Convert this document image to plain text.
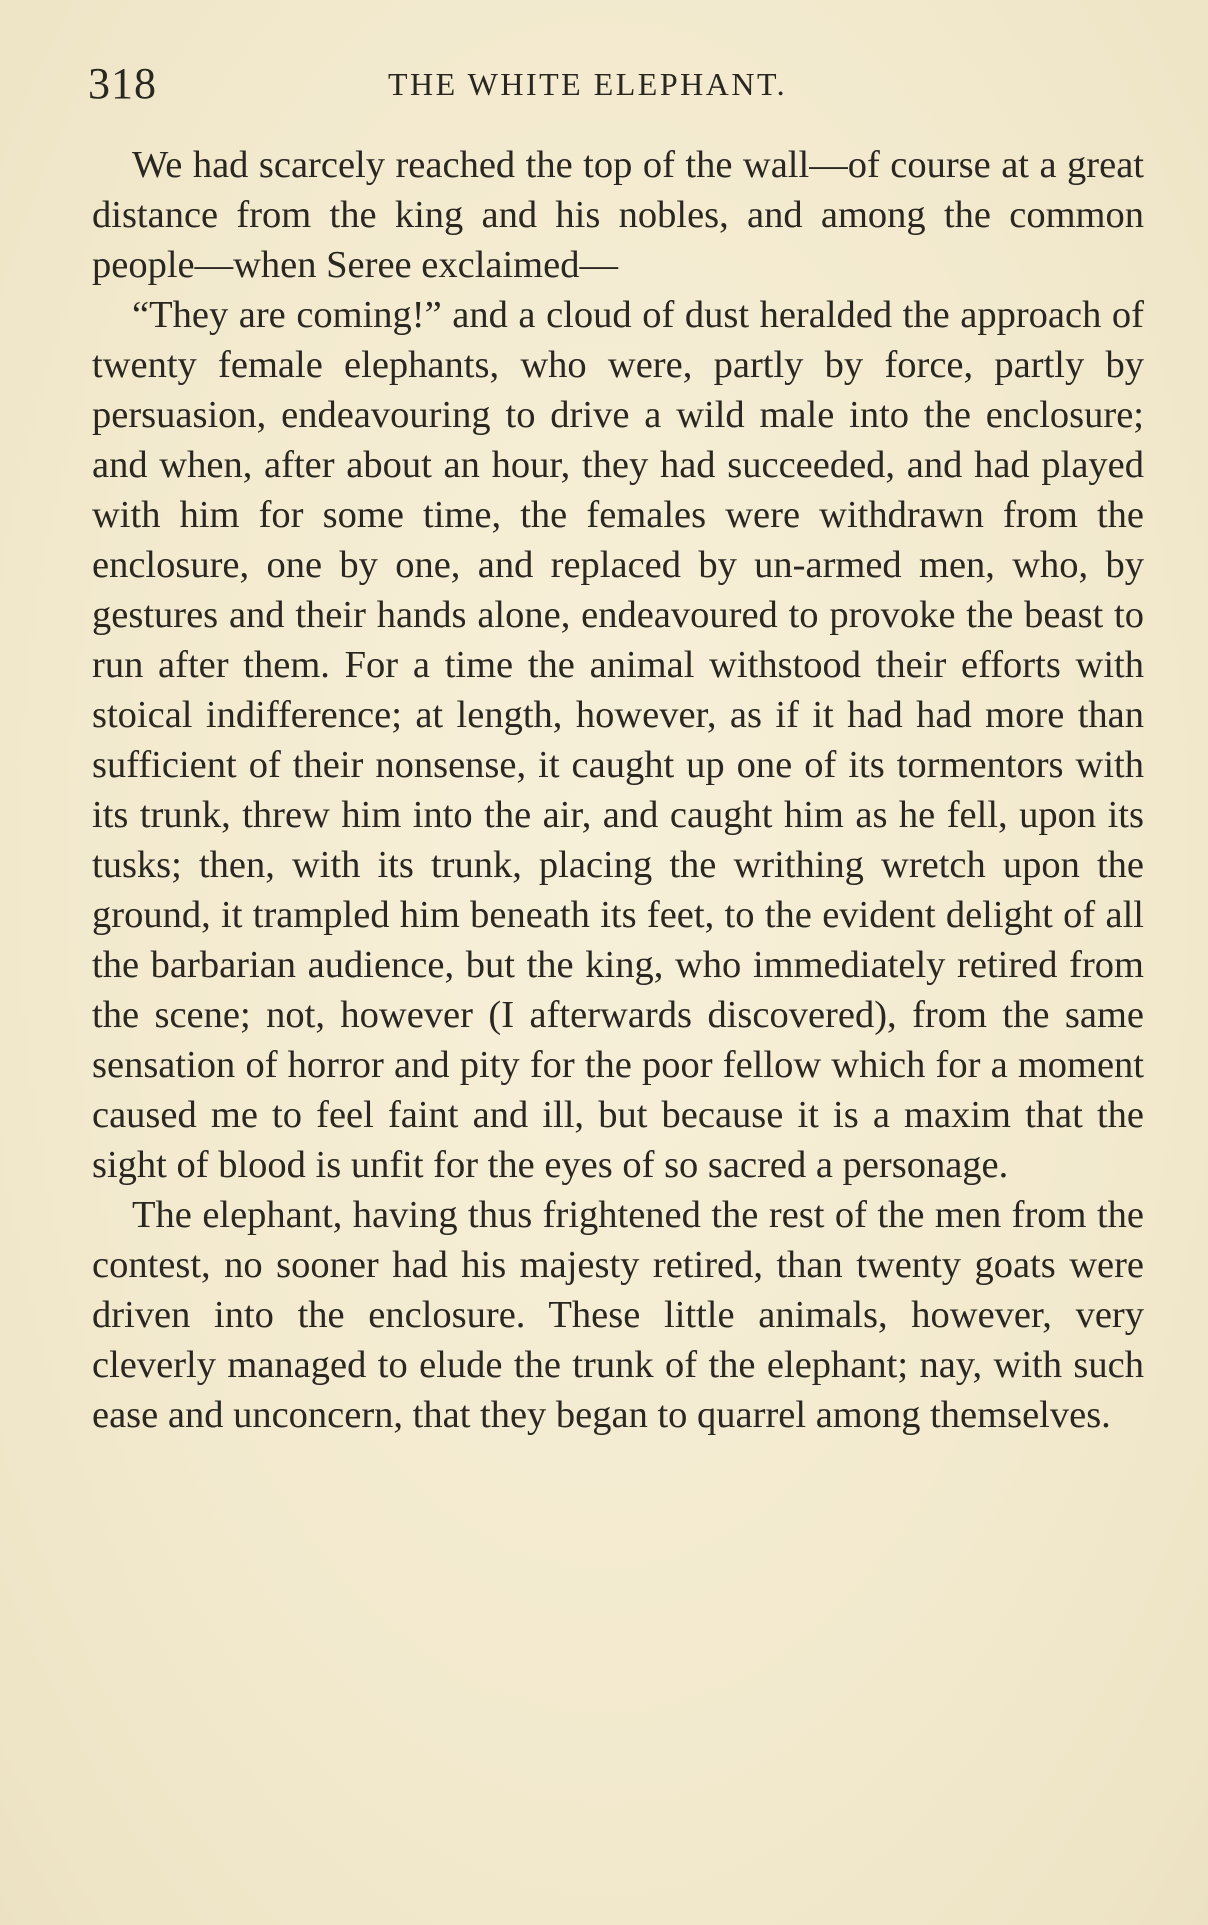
318	THE WHITE ELEPHANT.

We had scarcely reached the top of the wall—of course at a great distance from the king and his nobles, and among the common people—when Seree exclaimed—

“They are coming!” and a cloud of dust heralded the approach of twenty female elephants, who were, partly by force, partly by persuasion, endeavouring to drive a wild male into the enclosure; and when, after about an hour, they had succeeded, and had played with him for some time, the females were withdrawn from the enclosure, one by one, and replaced by un-armed men, who, by gestures and their hands alone, endeavoured to provoke the beast to run after them. For a time the animal withstood their efforts with stoical indifference; at length, however, as if it had had more than sufficient of their nonsense, it caught up one of its tormentors with its trunk, threw him into the air, and caught him as he fell, upon its tusks; then, with its trunk, placing the writhing wretch upon the ground, it trampled him beneath its feet, to the evident delight of all the barbarian audience, but the king, who immediately retired from the scene; not, however (I afterwards discovered), from the same sensation of horror and pity for the poor fellow which for a moment caused me to feel faint and ill, but because it is a maxim that the sight of blood is unfit for the eyes of so sacred a personage.

The elephant, having thus frightened the rest of the men from the contest, no sooner had his majesty retired, than twenty goats were driven into the enclosure. These little animals, however, very cleverly managed to elude the trunk of the elephant; nay, with such ease and unconcern, that they began to quarrel among themselves.
